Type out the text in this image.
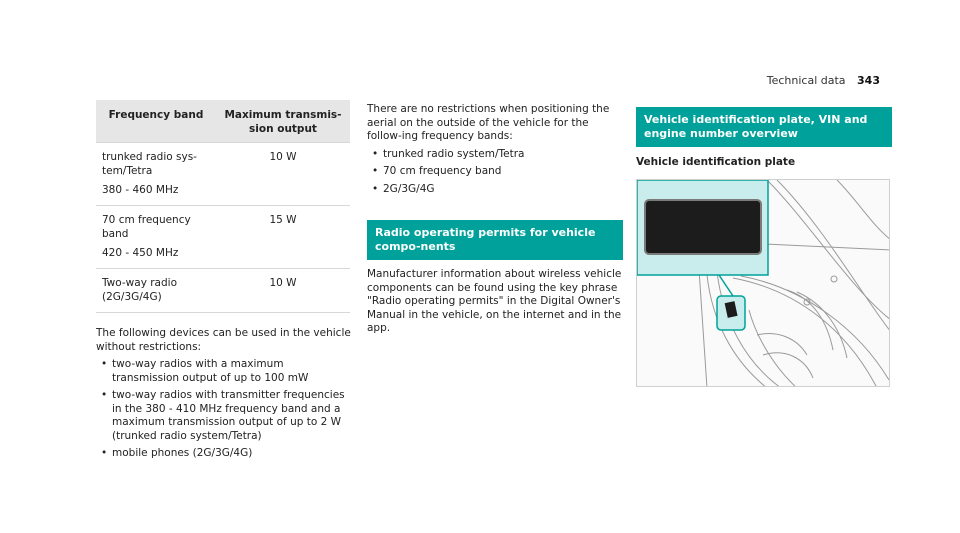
Technical data 343
Frequency band	Maximum transmis-
sion output

trunked radio sys-
tem/Tetra
380 - 460 MHz	10 W

70 cm frequency
band
420 - 450 MHz	15 W

Two-way radio
(2G/3G/4G)	10 W

The following devices can be used in the vehicle without restrictions:

• two-way radios with a maximum transmission output of up to 100 mW
• two-way radios with transmitter frequencies in the 380 - 410 MHz frequency band and a maximum transmission output of up to 2 W (trunked radio system/Tetra)
• mobile phones (2G/3G/4G)

There are no restrictions when positioning the aerial on the outside of the vehicle for the follow-ing frequency bands:

• trunked radio system/Tetra
• 70 cm frequency band
• 2G/3G/4G
Radio operating permits for vehicle compo-nents

Manufacturer information about wireless vehicle components can be found using the key phrase "Radio operating permits" in the Digital Owner's Manual in the vehicle, on the internet and in the app.

Vehicle identification plate, VIN and engine number overview
Vehicle identification plate
